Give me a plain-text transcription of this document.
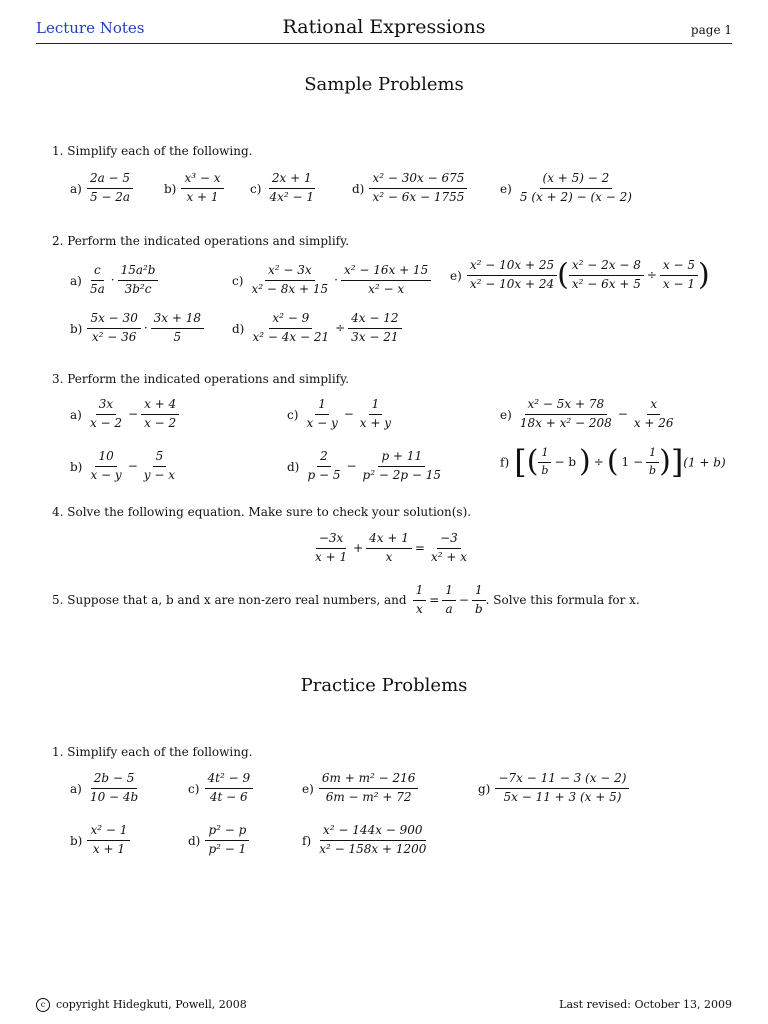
Lecture Notes	Rational Expressions	page 1
Sample Problems
1. Simplify each of the following.
$a) \frac{2a - 5}{5 - 2a}$	$b) \frac{\text{x³ − x}}{x + 1} c) \frac{2x + 1}{\text{4x² − 1}}$	$d) \frac{\text{x² − 30x − 675}}{\text{x² − 6x − 1755}}$	$e) \frac{(x + 5) - 2}{5 (x + 2) - (x - 2)}$
2. Perform the indicated operations and simplify.
$a) \frac{c}{5a} \cdot \frac{\text{15a²b}}{\text{3b²c}}$	$c) \frac{\text{x² − 3x}}{\text{x² − 8x + 15}} \cdot \frac{\text{x² − 16x + 15}}{\text{x² − x}} e) \frac{\text{x² − 10x + 25}}{\text{x² − 10x + 24}}$ ( $\frac{\text{x² − 2x − 8}}{\text{x² − 6x + 5}} \div \frac{x - 5}{x - 1}$ )
$b) \frac{5x - 30}{\text{x² − 36}} \cdot \frac{3x + 18}{5} d) \frac{\text{x² − 9}}{\text{x² − 4x − 21}} \div \frac{4x - 12}{3x - 21}$
3. Perform the indicated operations and simplify.
$a) \frac{3x}{x - 2} - \frac{x + 4}{x - 2}$	$c) \frac{1}{x - y} - \frac{1}{x + y}$	$e) \frac{\text{x² − 5x + 78}}{\text{18x + x² − 208}} - \frac{x}{x + 26}$
$b) \frac{10}{x - y} - \frac{5}{y - x}$	$d) \frac{2}{p - 5} - \frac{p + 11}{\text{p² − 2p − 15}}$	f) [( $\frac{1}{b} - b$ ) ÷ ( $1 - \frac{1}{b} )](1 + b)$
4. Solve the following equation. Make sure to check your solution(s).
$\frac{-3x}{x + 1} + \frac{4x + 1}{x} = \frac{-3}{\text{x² + x}}$
5. Suppose that a, b and x are non-zero real numbers, and $\frac{1}{x} = \frac{1}{a} - \frac{1}{b}$ . Solve this formula for x.
Practice Problems
1. Simplify each of the following.
$a) \frac{2b - 5}{10 - 4b}$	$c) \frac{\text{4t² − 9}}{4t - 6}$	$e) \frac{\text{6m + m² − 216}}{\text{6m − m² + 72}}$	$g) \frac{-7x - 11 - 3 (x - 2)}{5x - 11 + 3 (x + 5)}$
$b) \frac{\text{x² − 1}}{x + 1}$	$d) \frac{\text{p² − p}}{\text{p² − 1}}$	$f) \frac{\text{x² − 144x − 900}}{\text{x² − 158x + 1200}}$
c copyright Hidegkuti, Powell, 2008	Last revised: October 13, 2009
